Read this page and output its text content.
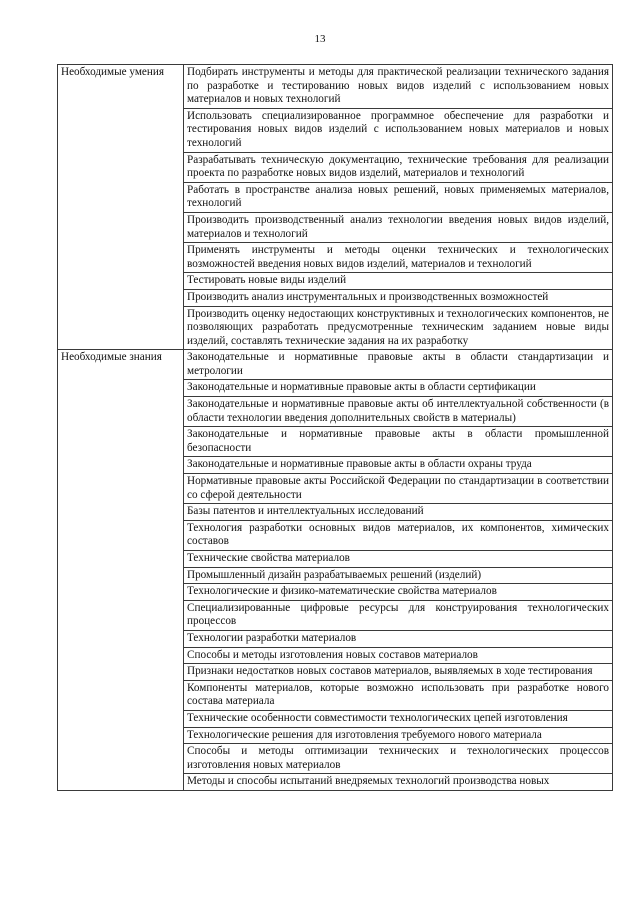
13
Необходимые умения	Подбирать инструменты и методы для практической реализации технического задания по разработке и тестированию новых видов изделий с использованием новых материалов и новых технологий
	Использовать специализированное программное обеспечение для разработки и тестирования новых видов изделий с использованием новых материалов и новых технологий
	Разрабатывать техническую документацию, технические требования для реализации проекта по разработке новых видов изделий, материалов и технологий
	Работать в пространстве анализа новых решений, новых применяемых материалов, технологий
	Производить производственный анализ технологии введения новых видов изделий, материалов и технологий
	Применять инструменты и методы оценки технических и технологических возможностей введения новых видов изделий, материалов и технологий
	Тестировать новые виды изделий
	Производить анализ инструментальных и производственных возможностей
	Производить оценку недостающих конструктивных и технологических компонентов, не позволяющих разработать предусмотренные техническим заданием новые виды изделий, составлять технические задания на их разработку
Необходимые знания	Законодательные и нормативные правовые акты в области стандартизации и метрологии
	Законодательные и нормативные правовые акты в области сертификации
	Законодательные и нормативные правовые акты об интеллектуальной собственности (в области технологии введения дополнительных свойств в материалы)
	Законодательные и нормативные правовые акты в области промышленной безопасности
	Законодательные и нормативные правовые акты в области охраны труда
	Нормативные правовые акты Российской Федерации по стандартизации в соответствии со сферой деятельности
	Базы патентов и интеллектуальных исследований
	Технология разработки основных видов материалов, их компонентов, химических составов
	Технические свойства материалов
	Промышленный дизайн разрабатываемых решений (изделий)
	Технологические и физико-математические свойства материалов
	Специализированные цифровые ресурсы для конструирования технологических процессов
	Технологии разработки материалов
	Способы и методы изготовления новых составов материалов
	Признаки недостатков новых составов материалов, выявляемых в ходе тестирования
	Компоненты материалов, которые возможно использовать при разработке нового состава материала
	Технические особенности совместимости технологических цепей изготовления
	Технологические решения для изготовления требуемого нового материала
	Способы и методы оптимизации технических и технологических процессов изготовления новых материалов
	Методы и способы испытаний внедряемых технологий производства новых
